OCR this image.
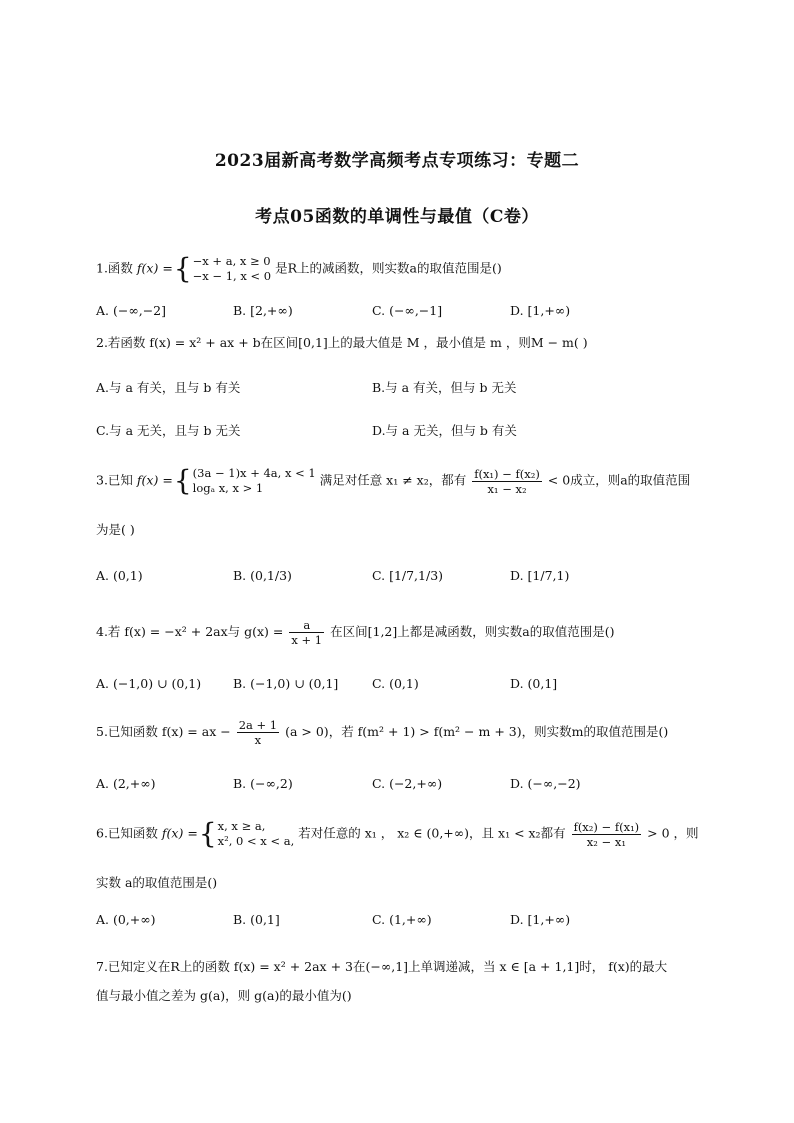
2023届新高考数学高频考点专项练习：专题二
考点05函数的单调性与最值（C卷）
1.函数 f(x) ={ −x + a, x ≥ 0
−x − 1, x < 0
是R上的减函数，则实数a的取值范围是()
A. (−∞,−2]	B. [2,+∞)	C. (−∞,−1]	D. [1,+∞)
2.若函数 f(x) = x² + ax + b在区间[0,1]上的最大值是 M ，最小值是 m ，则M − m( )
A.与 a 有关，且与 b 有关	B.与 a 有关，但与 b 无关
C.与 a 无关，且与 b 无关	D.与 a 无关，但与 b 有关
3.已知 f(x) ={ (3a − 1)x + 4a, x < 1
logₐ x, x > 1
满足对任意 x₁ ≠ x₂，都有 $\frac{\text{f(x₁) − f(x₂)}}{\text{x₁ − x₂}} < 0$成立，则a的取值范围
为是( )
A. (0,1)	B. (0,1/3)	C. [1/7,1/3)	D. [1/7,1)
4.若 f(x) = −x² + 2ax与 $g(x) = \frac{a}{x + 1}$ 在区间[1,2]上都是减函数，则实数a的取值范围是()
A. (−1,0) ∪ (0,1)	B. (−1,0) ∪ (0,1]	C. (0,1)	D. (0,1]
5.已知函数 f(x) = ax − $\frac{2a + 1}{x} (a > 0)$，若 f(m² + 1) > f(m² − m + 3)，则实数m的取值范围是()
A. (2,+∞)	B. (−∞,2)	C. (−2,+∞)	D. (−∞,−2)
6.已知函数 f(x) ={ x, x ≥ a,
x², 0 < x < a,
若对任意的 x₁ ， x₂ ∈ (0,+∞)，且 x₁ < x₂都有 $\frac{\text{f(x₂) − f(x₁)}}{\text{x₂ − x₁}} > 0$ ，则
实数 a的取值范围是()
A. (0,+∞)	B. (0,1]	C. (1,+∞)	D. [1,+∞)
7.已知定义在R上的函数 f(x) = x² + 2ax + 3在(−∞,1]上单调递减，当 x ∈ [a + 1,1]时， f(x)的最大
值与最小值之差为 g(a)，则 g(a)的最小值为()
